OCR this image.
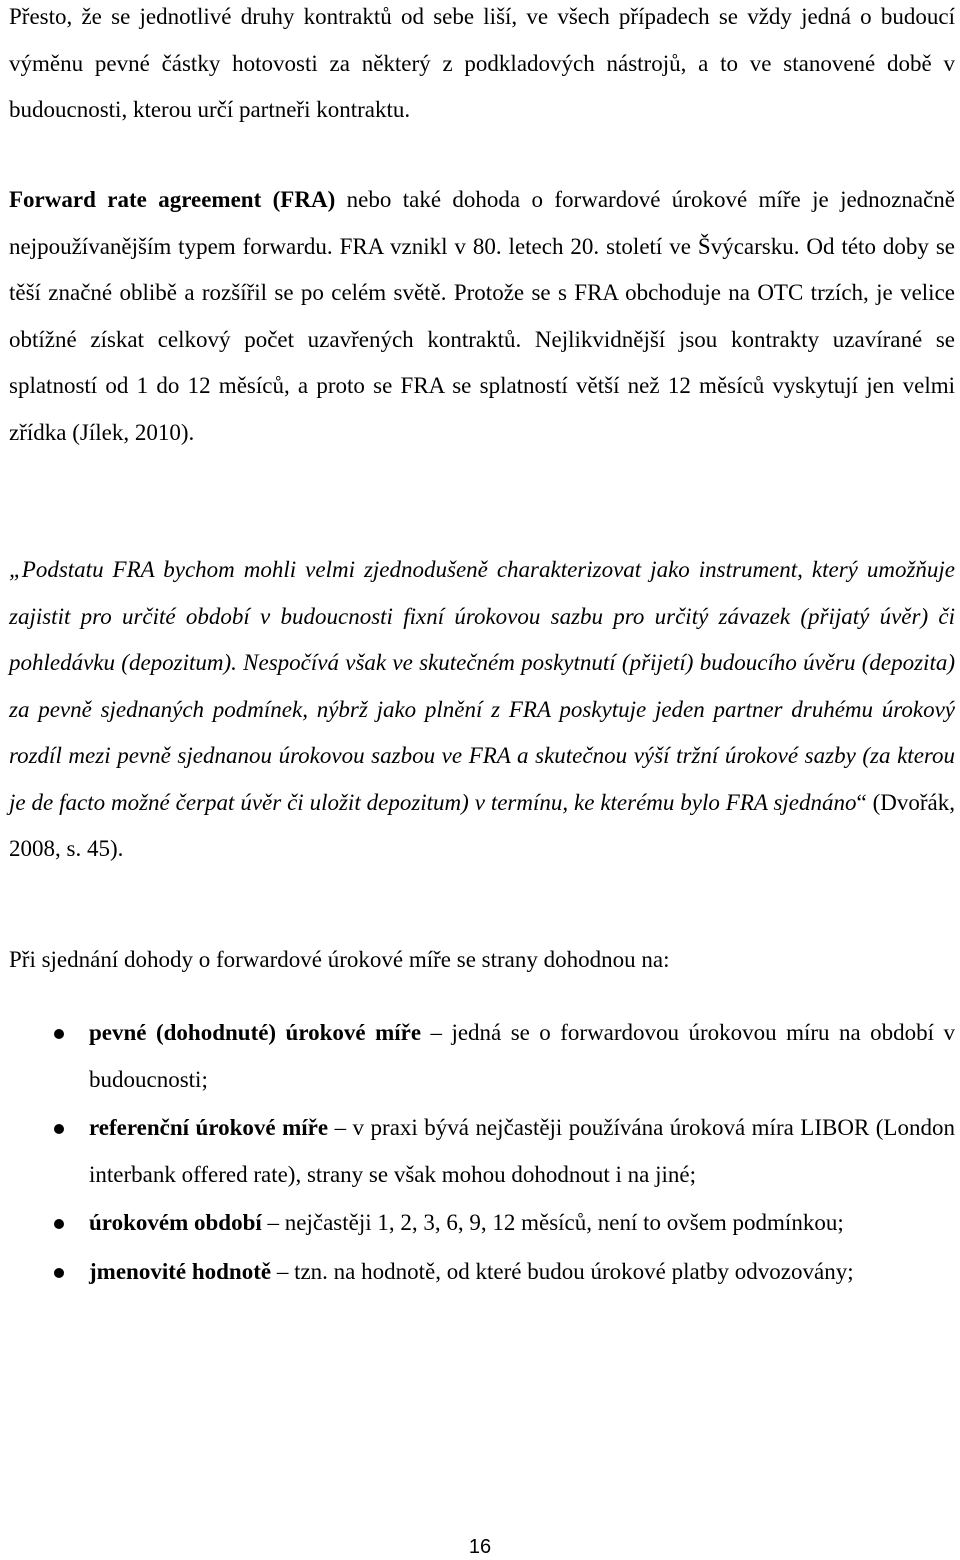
Přesto, že se jednotlivé druhy kontraktů od sebe liší, ve všech případech se vždy jedná o budoucí výměnu pevné částky hotovosti za některý z podkladových nástrojů, a to ve stanovené době v budoucnosti, kterou určí partneři kontraktu.

Forward rate agreement (FRA) nebo také dohoda o forwardové úrokové míře je jednoznačně nejpoužívanějším typem forwardu. FRA vznikl v 80. letech 20. století ve Švýcarsku. Od této doby se těší značné oblibě a rozšířil se po celém světě. Protože se s FRA obchoduje na OTC trzích, je velice obtížné získat celkový počet uzavřených kontraktů. Nejlikvidnější jsou kontrakty uzavírané se splatností od 1 do 12 měsíců, a proto se FRA se splatností větší než 12 měsíců vyskytují jen velmi zřídka (Jílek, 2010).

„Podstatu FRA bychom mohli velmi zjednodušeně charakterizovat jako instrument, který umožňuje zajistit pro určité období v budoucnosti fixní úrokovou sazbu pro určitý závazek (přijatý úvěr) či pohledávku (depozitum). Nespočívá však ve skutečném poskytnutí (přijetí) budoucího úvěru (depozita) za pevně sjednaných podmínek, nýbrž jako plnění z FRA poskytuje jeden partner druhému úrokový rozdíl mezi pevně sjednanou úrokovou sazbou ve FRA a skutečnou výší tržní úrokové sazby (za kterou je de facto možné čerpat úvěr či uložit depozitum) v termínu, ke kterému bylo FRA sjednáno“ (Dvořák, 2008, s. 45).

Při sjednání dohody o forwardové úrokové míře se strany dohodnou na:

pevné (dohodnuté) úrokové míře – jedná se o forwardovou úrokovou míru na období v budoucnosti;
referenční úrokové míře – v praxi bývá nejčastěji používána úroková míra LIBOR (London interbank offered rate), strany se však mohou dohodnout i na jiné;
úrokovém období – nejčastěji 1, 2, 3, 6, 9, 12 měsíců, není to ovšem podmínkou;
jmenovité hodnotě – tzn. na hodnotě, od které budou úrokové platby odvozovány;
16
